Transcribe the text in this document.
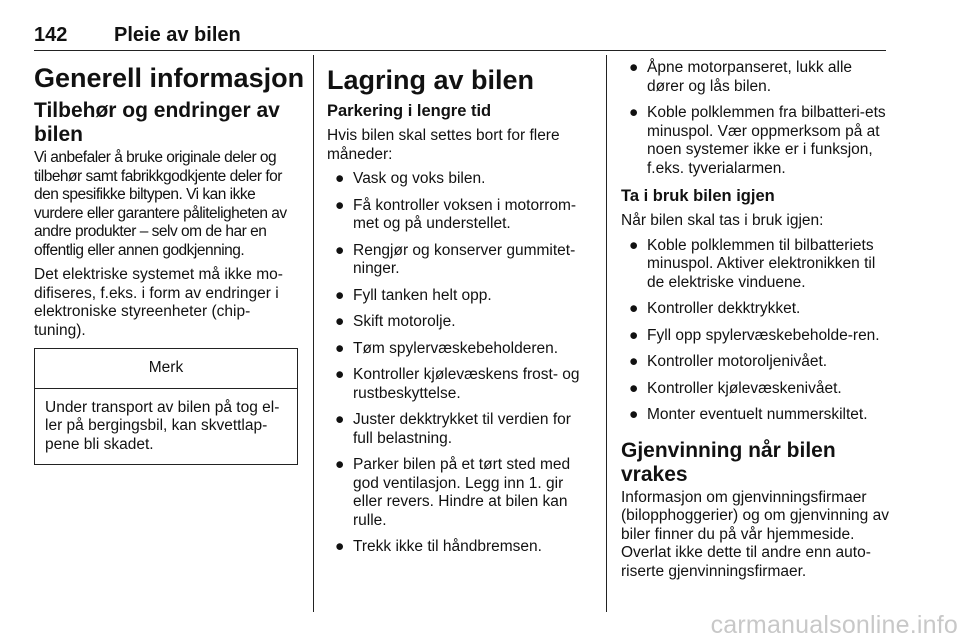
142 Pleie av bilen
Generell informasjon
Tilbehør og endringer av bilen

Vi anbefaler å bruke originale deler og tilbehør samt fabrikkgodkjente deler for den spesifikke biltypen. Vi kan ikke vurdere eller garantere påliteligheten av andre produkter – selv om de har en offentlig eller annen godkjenning.

Det elektriske systemet må ikke mo-difiseres, f.eks. i form av endringer i elektroniske styreenheter (chip-tuning).

Merk
Under transport av bilen på tog el-ler på bergingsbil, kan skvettlap-pene bli skadet.
Lagring av bilen
Parkering i lengre tid

Hvis bilen skal settes bort for flere måneder:

● Vask og voks bilen.
● Få kontroller voksen i motorrom-met og på understellet.
● Rengjør og konserver gummitet-ninger.
● Fyll tanken helt opp.
● Skift motorolje.
● Tøm spylervæskebeholderen.
● Kontroller kjølevæskens frost- og rustbeskyttelse.
● Juster dekktrykket til verdien for full belastning.
● Parker bilen på et tørt sted med god ventilasjon. Legg inn 1. gir eller revers. Hindre at bilen kan rulle.
● Trekk ikke til håndbremsen.
● Åpne motorpanseret, lukk alle dører og lås bilen.
● Koble polklemmen fra bilbatteri-ets minuspol. Vær oppmerksom på at noen systemer ikke er i funksjon, f.eks. tyverialarmen.
Ta i bruk bilen igjen

Når bilen skal tas i bruk igjen:

● Koble polklemmen til bilbatteriets minuspol. Aktiver elektronikken til de elektriske vinduene.
● Kontroller dekktrykket.
● Fyll opp spylervæskebeholde-ren.
● Kontroller motoroljenivået.
● Kontroller kjølevæskenivået.
● Monter eventuelt nummerskiltet.
Gjenvinning når bilen vrakes

Informasjon om gjenvinningsfirmaer (bilopphoggerier) og om gjenvinning av biler finner du på vår hjemmeside. Overlat ikke dette til andre enn auto-riserte gjenvinningsfirmaer.

carmanualsonline.info
